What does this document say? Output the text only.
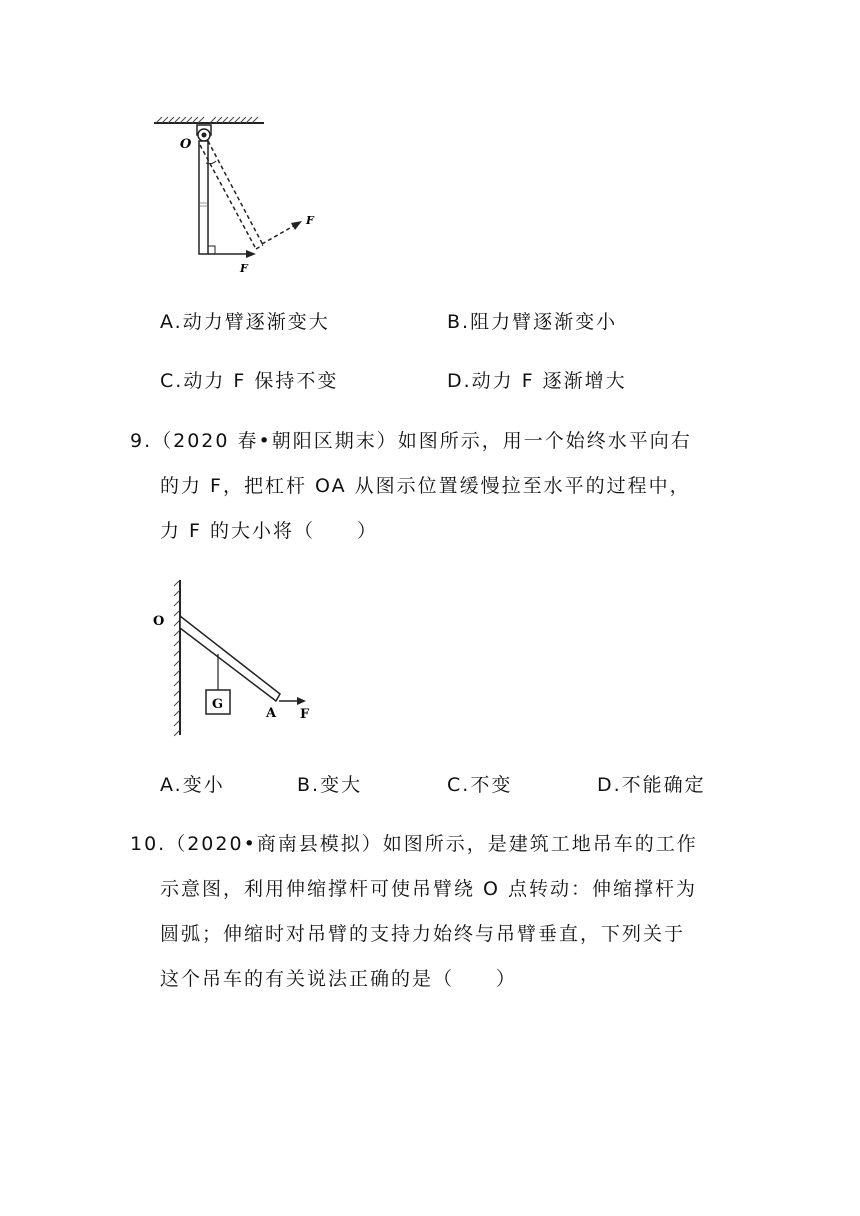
O
F
F
A.动力臂逐渐变大	B.阻力臂逐渐变小
C.动力 F 保持不变	D.动力 F 逐渐增大
9.（2020 春•朝阳区期末）如图所示，用一个始终水平向右
的力 F，把杠杆 OA 从图示位置缓慢拉至水平的过程中，
力 F 的大小将（　　）
O
G
A F
A.变小	B.变大	C.不变	D.不能确定
10.（2020•商南县模拟）如图所示，是建筑工地吊车的工作
示意图，利用伸缩撑杆可使吊臂绕 O 点转动：伸缩撑杆为
圆弧；伸缩时对吊臂的支持力始终与吊臂垂直，下列关于
这个吊车的有关说法正确的是（　　）
